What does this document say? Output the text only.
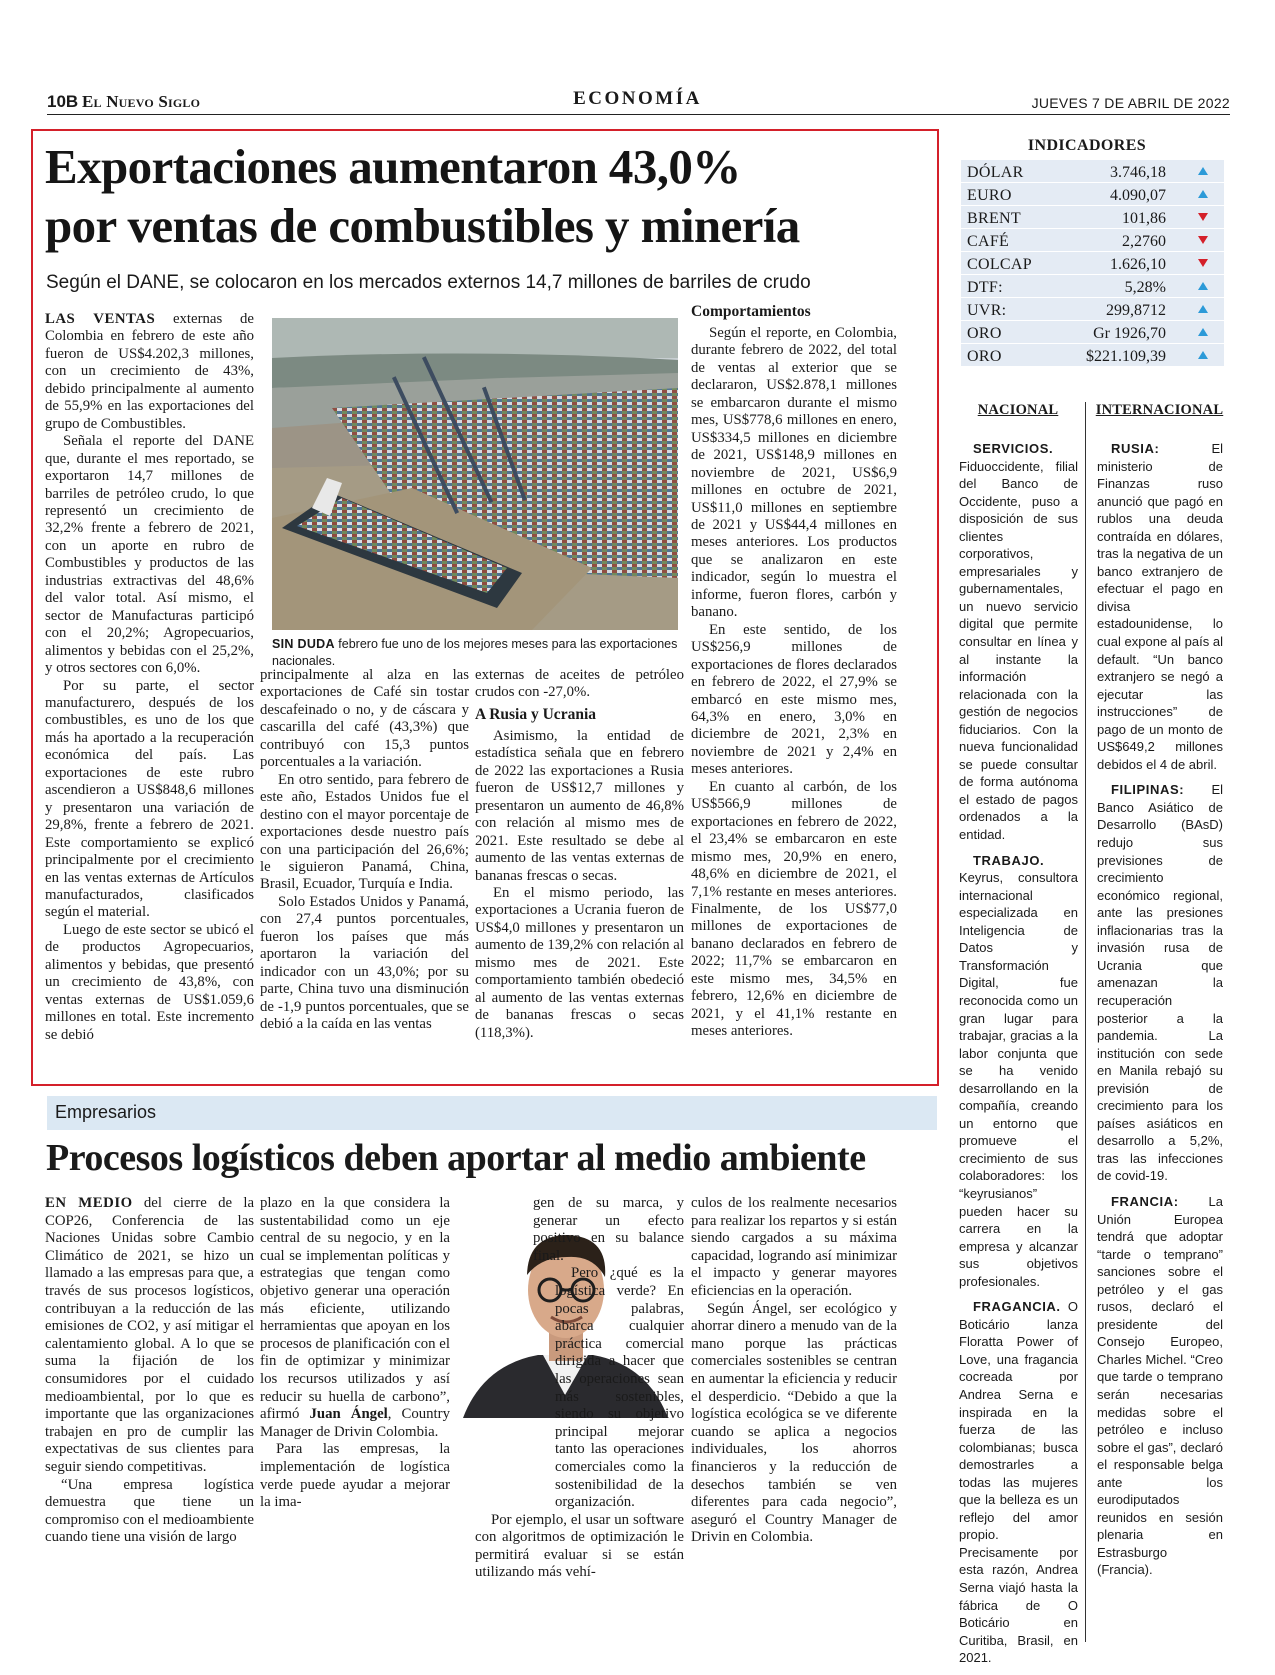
10B El Nuevo Siglo	ECONOMÍA	JUEVES 7 DE ABRIL DE 2022
Exportaciones aumentaron 43,0%
por ventas de combustibles y minería
Según el DANE, se colocaron en los mercados externos 14,7 millones de barriles de crudo

LAS VENTAS externas de Colombia en febrero de este año fueron de US$4.202,3 millones, con un crecimiento de 43%, debido principalmente al aumento de 55,9% en las exportaciones del grupo de Combustibles.

Señala el reporte del DANE que, durante el mes reportado, se exportaron 14,7 millones de barriles de petróleo crudo, lo que representó un crecimiento de 32,2% frente a febrero de 2021, con un aporte en rubro de Combustibles y productos de las industrias extractivas del 48,6% del valor total. Así mismo, el sector de Manufacturas participó con el 20,2%; Agropecuarios, alimentos y bebidas con el 25,2%, y otros sectores con 6,0%.

Por su parte, el sector manufacturero, después de los combustibles, es uno de los que más ha aportado a la recuperación económica del país. Las exportaciones de este rubro ascendieron a US$848,6 millones y presentaron una variación de 29,8%, frente a febrero de 2021. Este comportamiento se explicó principalmente por el crecimiento en las ventas externas de Artículos manufacturados, clasificados según el material.

Luego de este sector se ubicó el de productos Agropecuarios, alimentos y bebidas, que presentó un crecimiento de 43,8%, con ventas externas de US$1.059,6 millones en total. Este incremento se debió

SIN DUDA febrero fue uno de los mejores meses para las exportaciones nacionales.

principalmente al alza en las exportaciones de Café sin tostar descafeinado o no, y de cáscara y cascarilla del café (43,3%) que contribuyó con 15,3 puntos porcentuales a la variación.

En otro sentido, para febrero de este año, Estados Unidos fue el destino con el mayor porcentaje de exportaciones desde nuestro país con una participación del 26,6%; le siguieron Panamá, China, Brasil, Ecuador, Turquía e India.

Solo Estados Unidos y Panamá, con 27,4 puntos porcentuales, fueron los países que más aportaron la variación del indicador con un 43,0%; por su parte, China tuvo una disminución de -1,9 puntos porcentuales, que se debió a la caída en las ventas

externas de aceites de petróleo crudos con -27,0%.

A Rusia y Ucrania

Asimismo, la entidad de estadística señala que en febrero de 2022 las exportaciones a Rusia fueron de US$12,7 millones y presentaron un aumento de 46,8% con relación al mismo mes de 2021. Este resultado se debe al aumento de las ventas externas de bananas frescas o secas.

En el mismo periodo, las exportaciones a Ucrania fueron de US$4,0 millones y presentaron un aumento de 139,2% con relación al mismo mes de 2021. Este comportamiento también obedeció al aumento de las ventas externas de bananas frescas o secas (118,3%).

Comportamientos

Según el reporte, en Colombia, durante febrero de 2022, del total de ventas al exterior que se declararon, US$2.878,1 millones se embarcaron durante el mismo mes, US$778,6 millones en enero, US$334,5 millones en diciembre de 2021, US$148,9 millones en noviembre de 2021, US$6,9 millones en octubre de 2021, US$11,0 millones en septiembre de 2021 y US$44,4 millones en meses anteriores. Los productos que se analizaron en este indicador, según lo muestra el informe, fueron flores, carbón y banano.

En este sentido, de los US$256,9 millones de exportaciones de flores declarados en febrero de 2022, el 27,9% se embarcó en este mismo mes, 64,3% en enero, 3,0% en diciembre de 2021, 2,3% en noviembre de 2021 y 2,4% en meses anteriores.

En cuanto al carbón, de los US$566,9 millones de exportaciones en febrero de 2022, el 23,4% se embarcaron en este mismo mes, 20,9% en enero, 48,6% en diciembre de 2021, el 7,1% restante en meses anteriores. Finalmente, de los US$77,0 millones de exportaciones de banano declarados en febrero de 2022; 11,7% se embarcaron en este mismo mes, 34,5% en febrero, 12,6% en diciembre de 2021, y el 41,1% restante en meses anteriores.

INDICADORES
DÓLAR	3.746,18
EURO	4.090,07
BRENT	101,86
CAFÉ	2,2760
COLCAP	1.626,10
DTF:	5,28%
UVR:	299,8712
ORO	Gr 1926,70
ORO	$221.109,39
NACIONAL	INTERNACIONAL

SERVICIOS. Fiduoccidente, filial del Banco de Occidente, puso a disposición de sus clientes corporativos, empresariales y gubernamentales, un nuevo servicio digital que permite consultar en línea y al instante la información relacionada con la gestión de negocios fiduciarios. Con la nueva funcionalidad se puede consultar de forma autónoma el estado de pagos ordenados a la entidad.

TRABAJO. Keyrus, consultora internacional especializada en Inteligencia de Datos y Transformación Digital, fue reconocida como un gran lugar para trabajar, gracias a la labor conjunta que se ha venido desarrollando en la compañía, creando un entorno que promueve el crecimiento de sus colaboradores: los “keyrusianos” pueden hacer su carrera en la empresa y alcanzar sus objetivos profesionales.

FRAGANCIA. O Boticário lanza Floratta Power of Love, una fragancia cocreada por Andrea Serna e inspirada en la fuerza de las colombianas; busca demostrarles a todas las mujeres que la belleza es un reflejo del amor propio. Precisamente por esta razón, Andrea Serna viajó hasta la fábrica de O Boticário en Curitiba, Brasil, en 2021.

RUSIA: El ministerio de Finanzas ruso anunció que pagó en rublos una deuda contraída en dólares, tras la negativa de un banco extranjero de efectuar el pago en divisa estadounidense, lo cual expone al país al default. “Un banco extranjero se negó a ejecutar las instrucciones” de pago de un monto de US$649,2 millones debidos el 4 de abril.

FILIPINAS: El Banco Asiático de Desarrollo (BAsD) redujo sus previsiones de crecimiento económico regional, ante las presiones inflacionarias tras la invasión rusa de Ucrania que amenazan la recuperación posterior a la pandemia. La institución con sede en Manila rebajó su previsión de crecimiento para los países asiáticos en desarrollo a 5,2%, tras las infecciones de covid-19.

FRANCIA: La Unión Europea tendrá que adoptar “tarde o temprano” sanciones sobre el petróleo y el gas rusos, declaró el presidente del Consejo Europeo, Charles Michel. “Creo que tarde o temprano serán necesarias medidas sobre el petróleo e incluso sobre el gas”, declaró el responsable belga ante los eurodiputados reunidos en sesión plenaria en Estrasburgo (Francia).

Empresarios
Procesos logísticos deben aportar al medio ambiente

EN MEDIO del cierre de la COP26, Conferencia de las Naciones Unidas sobre Cambio Climático de 2021, se hizo un llamado a las empresas para que, a través de sus procesos logísticos, contribuyan a la reducción de las emisiones de CO2, y así mitigar el calentamiento global. A lo que se suma la fijación de los consumidores por el cuidado medioambiental, por lo que es importante que las organizaciones trabajen en pro de cumplir las expectativas de sus clientes para seguir siendo competitivas.

“Una empresa logística demuestra que tiene un compromiso con el medioambiente cuando tiene una visión de largo

plazo en la que considera la sustentabilidad como un eje central de su negocio, y en la cual se implementan políticas y estrategias que tengan como objetivo generar una operación más eficiente, utilizando herramientas que apoyan en los procesos de planificación con el fin de optimizar y minimizar los recursos utilizados y así reducir su huella de carbono”, afirmó Juan Ángel, Country Manager de Drivin Colombia.

Para las empresas, la implementación de logística verde puede ayudar a mejorar la ima-

gen de su marca, y generar un efecto positivo en su balance final.

Pero ¿qué es la logística verde? En pocas palabras, abarca cualquier práctica comercial dirigida a hacer que las operaciones sean más sostenibles, siendo su objetivo principal mejorar tanto las operaciones comerciales como la sostenibilidad de la organización.

Por ejemplo, el usar un software con algoritmos de optimización le permitirá evaluar si se están utilizando más vehí-

culos de los realmente necesarios para realizar los repartos y si están siendo cargados a su máxima capacidad, logrando así minimizar el impacto y generar mayores eficiencias en la operación.

Según Ángel, ser ecológico y ahorrar dinero a menudo van de la mano porque las prácticas comerciales sostenibles se centran en aumentar la eficiencia y reducir el desperdicio. “Debido a que la logística ecológica se ve diferente cuando se aplica a negocios individuales, los ahorros financieros y la reducción de desechos también se ven diferentes para cada negocio”, aseguró el Country Manager de Drivin en Colombia.
